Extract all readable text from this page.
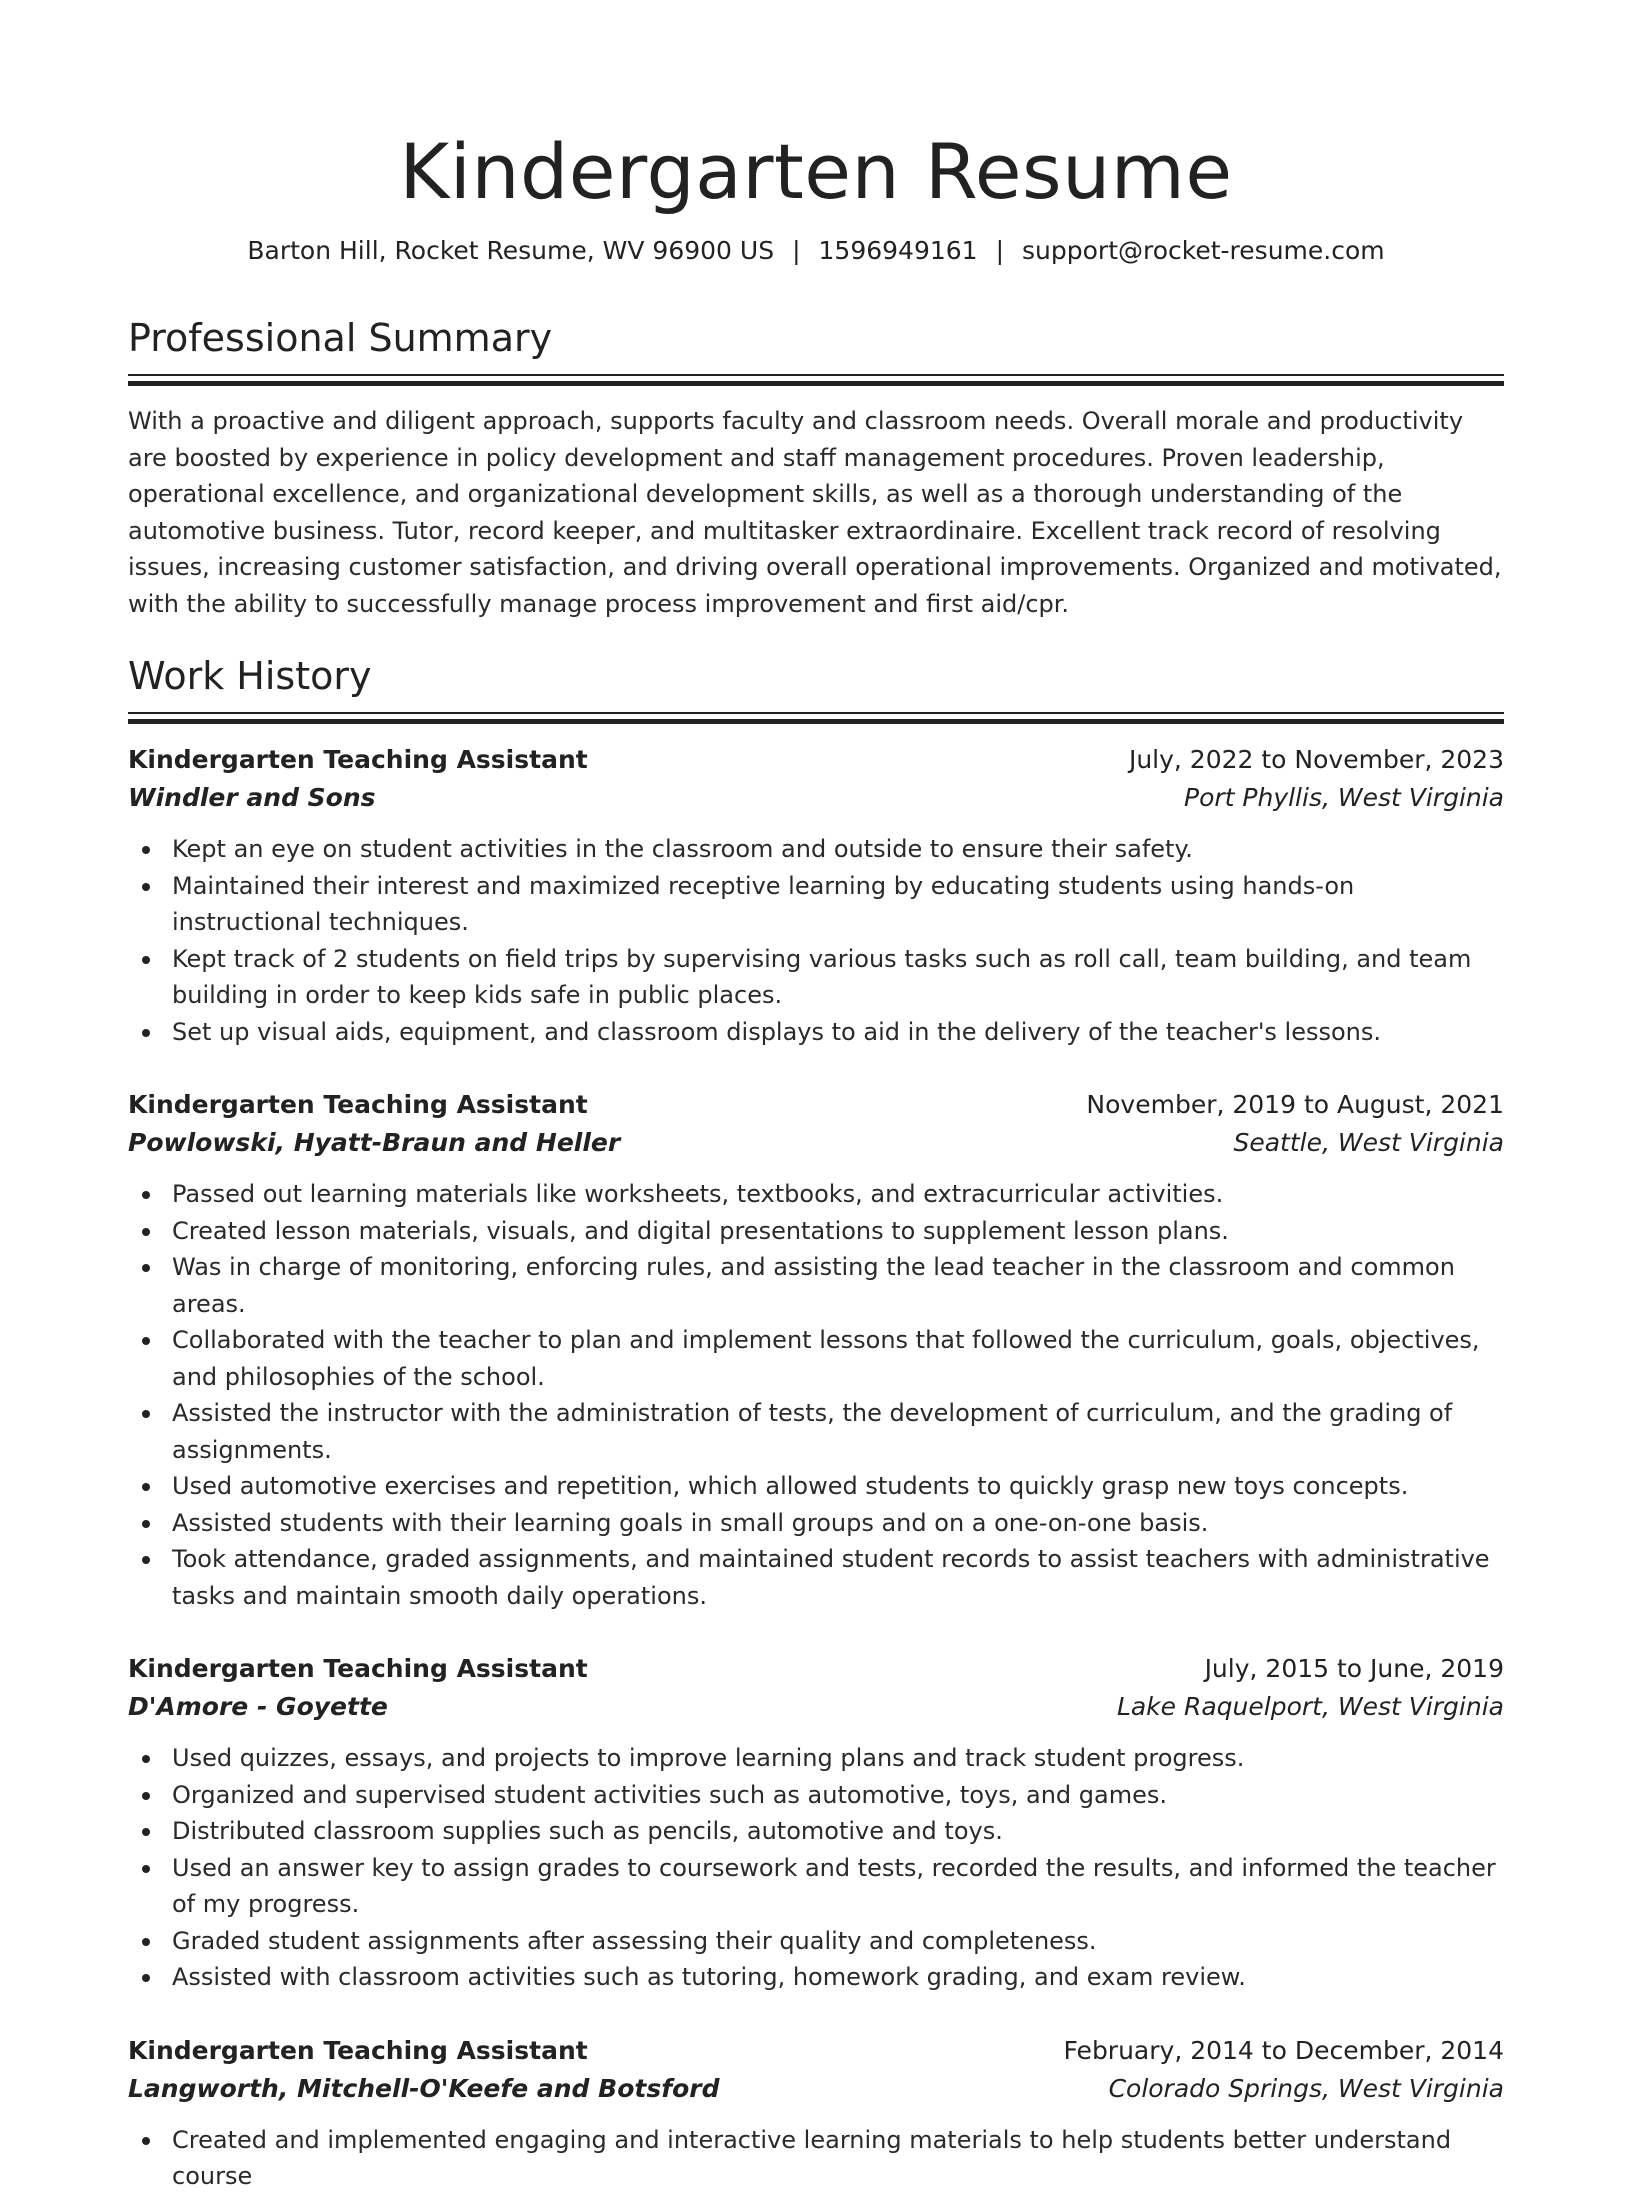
Kindergarten Resume
Barton Hill, Rocket Resume, WV 96900 US | 1596949161 | support@rocket-resume.com
Professional Summary

With a proactive and diligent approach, supports faculty and classroom needs. Overall morale and productivity are boosted by experience in policy development and staff management procedures. Proven leadership, operational excellence, and organizational development skills, as well as a thorough understanding of the automotive business. Tutor, record keeper, and multitasker extraordinaire. Excellent track record of resolving issues, increasing customer satisfaction, and driving overall operational improvements. Organized and motivated, with the ability to successfully manage process improvement and first aid/cpr.

Work History
Kindergarten Teaching Assistant	July, 2022 to November, 2023
Windler and Sons	Port Phyllis, West Virginia
Kept an eye on student activities in the classroom and outside to ensure their safety.
Maintained their interest and maximized receptive learning by educating students using hands-on instructional techniques.
Kept track of 2 students on field trips by supervising various tasks such as roll call, team building, and team building in order to keep kids safe in public places.
Set up visual aids, equipment, and classroom displays to aid in the delivery of the teacher's lessons.
Kindergarten Teaching Assistant	November, 2019 to August, 2021
Powlowski, Hyatt-Braun and Heller	Seattle, West Virginia
Passed out learning materials like worksheets, textbooks, and extracurricular activities.
Created lesson materials, visuals, and digital presentations to supplement lesson plans.
Was in charge of monitoring, enforcing rules, and assisting the lead teacher in the classroom and common areas.
Collaborated with the teacher to plan and implement lessons that followed the curriculum, goals, objectives, and philosophies of the school.
Assisted the instructor with the administration of tests, the development of curriculum, and the grading of assignments.
Used automotive exercises and repetition, which allowed students to quickly grasp new toys concepts.
Assisted students with their learning goals in small groups and on a one-on-one basis.
Took attendance, graded assignments, and maintained student records to assist teachers with administrative tasks and maintain smooth daily operations.
Kindergarten Teaching Assistant	July, 2015 to June, 2019
D'Amore - Goyette	Lake Raquelport, West Virginia
Used quizzes, essays, and projects to improve learning plans and track student progress.
Organized and supervised student activities such as automotive, toys, and games.
Distributed classroom supplies such as pencils, automotive and toys.
Used an answer key to assign grades to coursework and tests, recorded the results, and informed the teacher of my progress.
Graded student assignments after assessing their quality and completeness.
Assisted with classroom activities such as tutoring, homework grading, and exam review.
Kindergarten Teaching Assistant	February, 2014 to December, 2014
Langworth, Mitchell-O'Keefe and Botsford	Colorado Springs, West Virginia
Created and implemented engaging and interactive learning materials to help students better understand course
